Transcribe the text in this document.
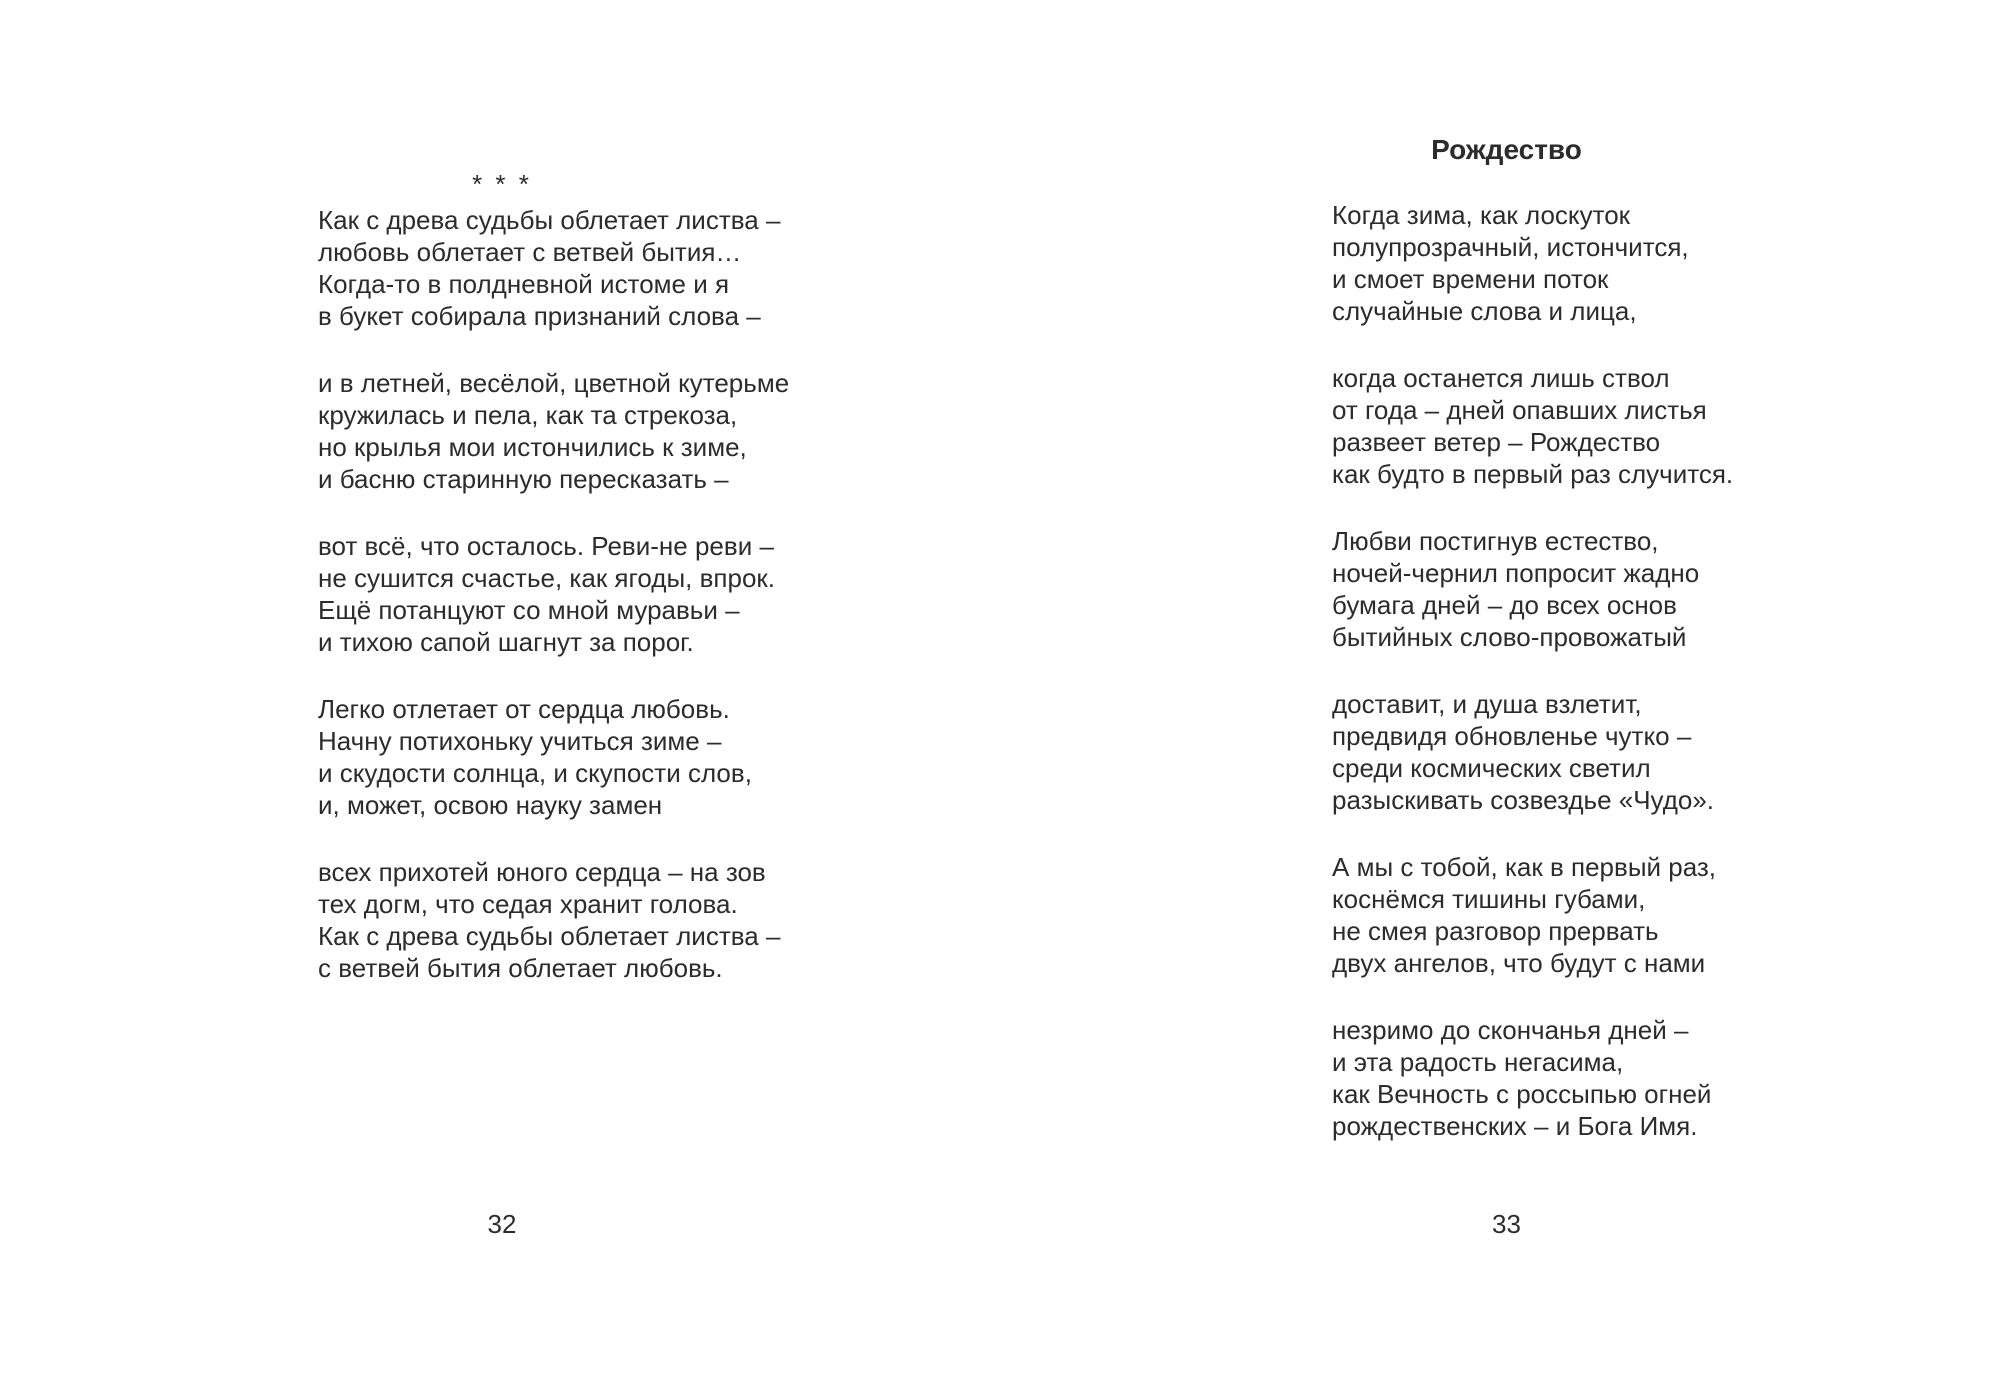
* * *
Как с древа судьбы облетает листва –
любовь облетает с ветвей бытия…
Когда-то в полдневной истоме и я
в букет собирала признаний слова –
и в летней, весёлой, цветной кутерьме
кружилась и пела, как та стрекоза,
но крылья мои истончились к зиме,
и басню старинную пересказать –
вот всё, что осталось. Реви-не реви –
не сушится счастье, как ягоды, впрок.
Ещё потанцуют со мной муравьи –
и тихою сапой шагнут за порог.
Легко отлетает от сердца любовь.
Начну потихоньку учиться зиме –
и скудости солнца, и скупости слов,
и, может, освою науку замен
всех прихотей юного сердца – на зов
тех догм, что седая хранит голова.
Как с древа судьбы облетает листва –
с ветвей бытия облетает любовь.
32
Рождество
Когда зима, как лоскуток
полупрозрачный, истончится,
и смоет времени поток
случайные слова и лица,
когда останется лишь ствол
от года – дней опавших листья
развеет ветер – Рождество
как будто в первый раз случится.
Любви постигнув естество,
ночей-чернил попросит жадно
бумага дней – до всех основ
бытийных слово-провожатый
доставит, и душа взлетит,
предвидя обновленье чутко –
среди космических светил
разыскивать созвездье «Чудо».
А мы с тобой, как в первый раз,
коснёмся тишины губами,
не смея разговор прервать
двух ангелов, что будут с нами
незримо до скончанья дней –
и эта радость негасима,
как Вечность с россыпью огней
рождественских – и Бога Имя.
33
